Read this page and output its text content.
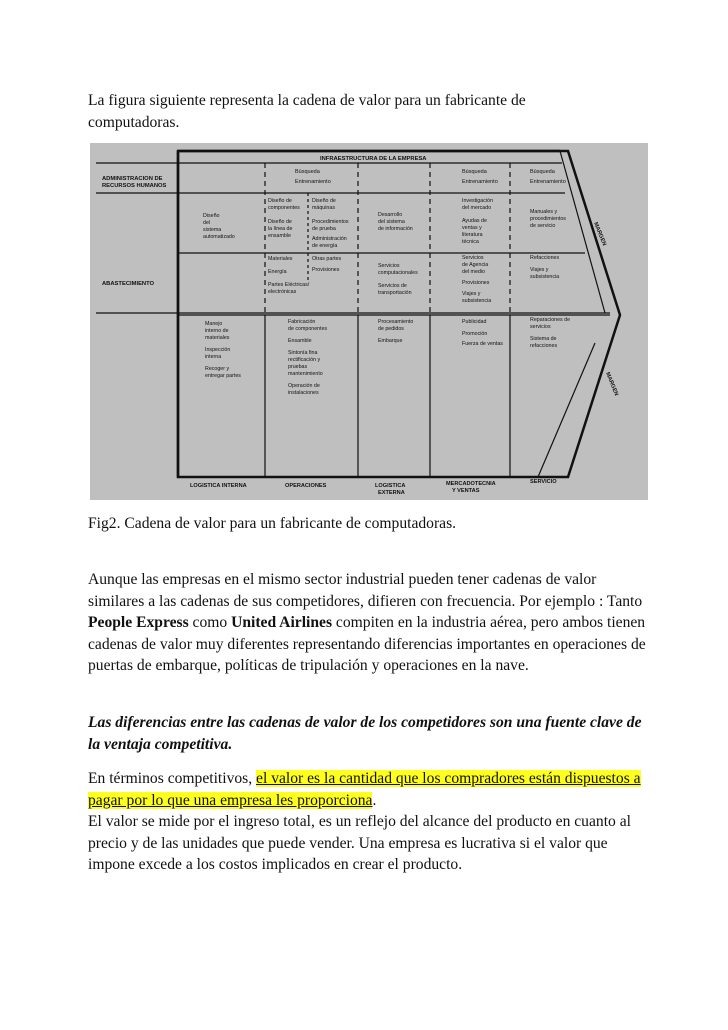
La figura siguiente representa la cadena de valor para un fabricante de
computadoras.

INFRAESTRUCTURA DE LA EMPRESA
ADMINISTRACION DE
RECURSOS HUMANOS
ABASTECIMIENTO
Búsqueda
Entrenamiento
Búsqueda
Entrenamiento
Búsqueda
Entrenamiento
Diseño
del
sistema
automatizado
Diseño de
componentes
Diseño de
la línea de
ensamble
Diseño de
máquinas
Procedimientos
de prueba
Administración
de energía
Desarrollo
del sistema
de información
Investigación
del mercado
Ayudas de
ventas y
literatura
técnica
Manuales y
procedimientos
de servicio
Materiales
Energía
Otras partes
Provisiones
Partes Eléctricas/
electrónicas
Servicios
computacionales
Servicios de
transportación
Servicios
de Agencia
del medio
Provisiones
Viajes y
subsistencia
Refacciones
Viajes y
subsistencia
Manejo
interno de
materiales
Inspección
interna
Recoger y
entregar partes
Fabricación
de componentes
Ensamble
Sintonía fina
rectificación y
pruebas
mantenimiento
Operación de
instalaciones
Procesamiento
de pedidos
Embarque
Publicidad
Promoción
Fuerza de ventas
Reparaciones de
servicios
Sistema de
refacciones
LOGISTICA INTERNA	OPERACIONES	LOGISTICA
EXTERNA
MERCADOTECNIA
Y VENTAS
SERVICIO
MARGEN
MARGEN

Fig2. Cadena de valor para un fabricante de computadoras.

Aunque las empresas en el mismo sector industrial pueden tener cadenas de valor similares a las cadenas de sus competidores, difieren con frecuencia. Por ejemplo : Tanto People Express como United Airlines compiten en la industria aérea, pero ambos tienen cadenas de valor muy diferentes representando diferencias importantes en operaciones de puertas de embarque, políticas de tripulación y operaciones en la nave.

Las diferencias entre las cadenas de valor de los competidores son una fuente clave de la ventaja competitiva.

En términos competitivos, el valor es la cantidad que los compradores están dispuestos a pagar por lo que una empresa les proporciona.
El valor se mide por el ingreso total, es un reflejo del alcance del producto en cuanto al precio y de las unidades que puede vender. Una empresa es lucrativa si el valor que impone excede a los costos implicados en crear el producto.
